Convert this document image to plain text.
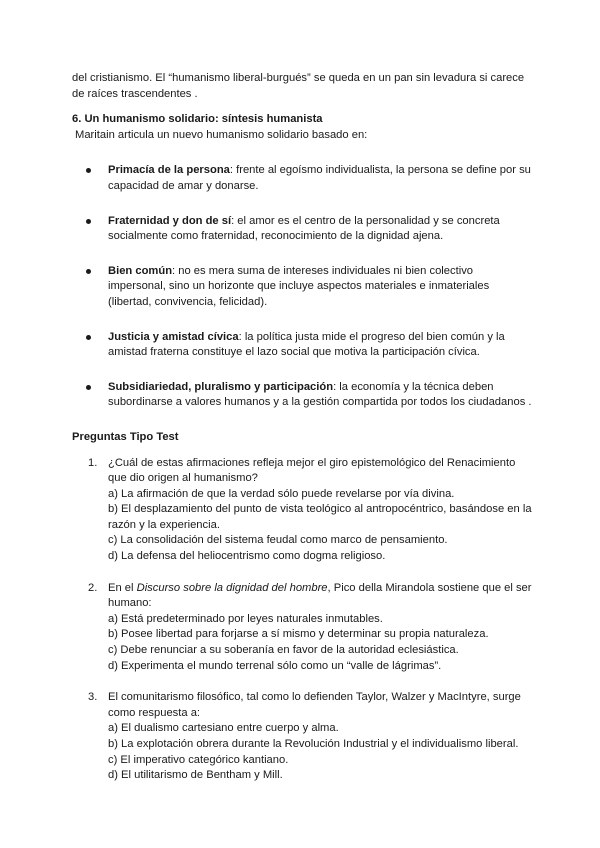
del cristianismo. El “humanismo liberal-burgués” se queda en un pan sin levadura si carece
de raíces trascendentes .

6. Un humanismo solidario: síntesis humanista

Maritain articula un nuevo humanismo solidario basado en:

Primacía de la persona: frente al egoísmo individualista, la persona se define por su capacidad de amar y donarse.
Fraternidad y don de sí: el amor es el centro de la personalidad y se concreta socialmente como fraternidad, reconocimiento de la dignidad ajena.
Bien común: no es mera suma de intereses individuales ni bien colectivo impersonal, sino un horizonte que incluye aspectos materiales e inmateriales (libertad, convivencia, felicidad).
Justicia y amistad cívica: la política justa mide el progreso del bien común y la amistad fraterna constituye el lazo social que motiva la participación cívica.
Subsidiariedad, pluralismo y participación: la economía y la técnica deben subordinarse a valores humanos y a la gestión compartida por todos los ciudadanos .

Preguntas Tipo Test

1. ¿Cuál de estas afirmaciones refleja mejor el giro epistemológico del Renacimiento que dio origen al humanismo?
a) La afirmación de que la verdad sólo puede revelarse por vía divina.
b) El desplazamiento del punto de vista teológico al antropocéntrico, basándose en la razón y la experiencia.
c) La consolidación del sistema feudal como marco de pensamiento.
d) La defensa del heliocentrismo como dogma religioso.
2. En el Discurso sobre la dignidad del hombre, Pico della Mirandola sostiene que el ser humano:
a) Está predeterminado por leyes naturales inmutables.
b) Posee libertad para forjarse a sí mismo y determinar su propia naturaleza.
c) Debe renunciar a su soberanía en favor de la autoridad eclesiástica.
d) Experimenta el mundo terrenal sólo como un “valle de lágrimas”.
3. El comunitarismo filosófico, tal como lo defienden Taylor, Walzer y MacIntyre, surge como respuesta a:
a) El dualismo cartesiano entre cuerpo y alma.
b) La explotación obrera durante la Revolución Industrial y el individualismo liberal.
c) El imperativo categórico kantiano.
d) El utilitarismo de Bentham y Mill.
